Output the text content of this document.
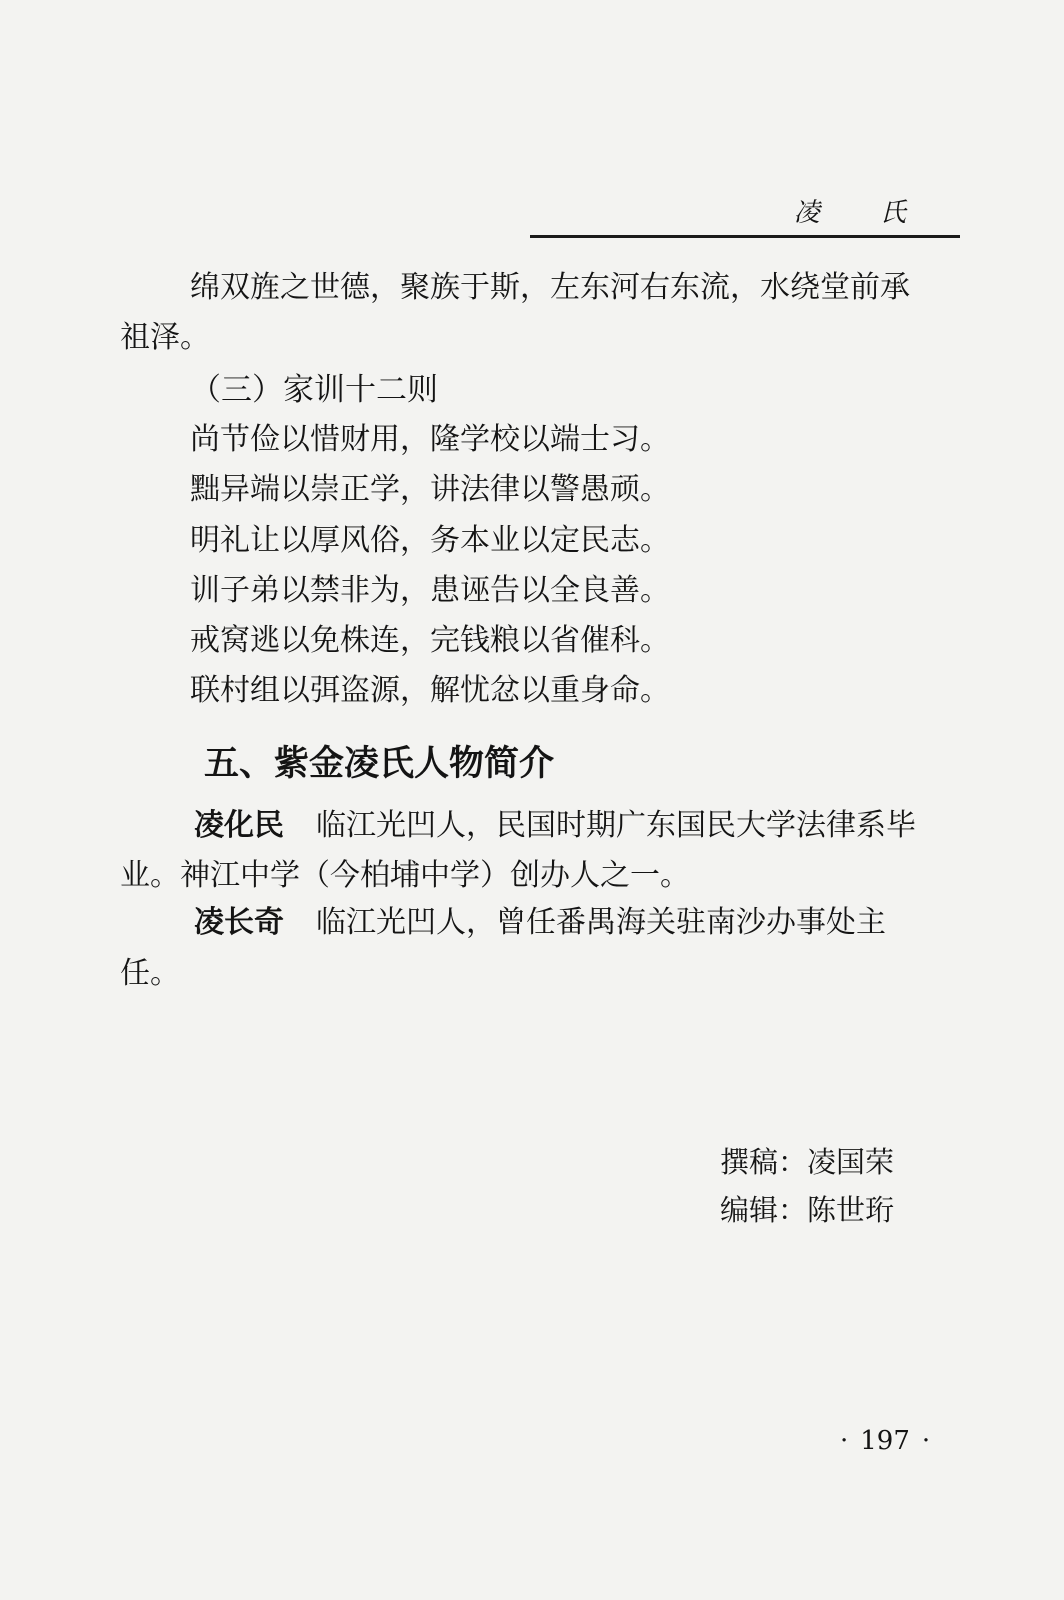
凌 氏
绵双旌之世德，聚族于斯，左东河右东流，水绕堂前承
祖泽。
（三）家训十二则
尚节俭以惜财用，隆学校以端士习。
黜异端以崇正学，讲法律以警愚顽。
明礼让以厚风俗，务本业以定民志。
训子弟以禁非为，患诬告以全良善。
戒窝逃以免株连，完钱粮以省催科。
联村组以弭盗源，解忧忿以重身命。
五、紫金凌氏人物简介
凌化民 临江光凹人，民国时期广东国民大学法律系毕
业。神江中学（今柏埔中学）创办人之一。
凌长奇 临江光凹人，曾任番禺海关驻南沙办事处主
任。
撰稿：凌国荣
编辑：陈世珩
· 197 ·
